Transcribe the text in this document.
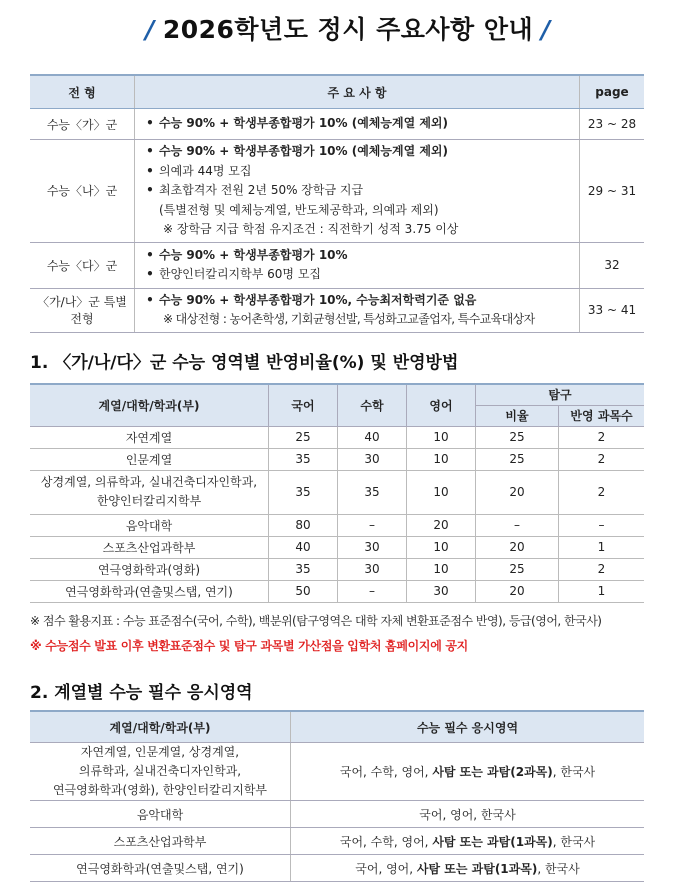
/ 2026학년도 정시 주요사항 안내 /
전 형	주 요 사 항	page
수능〈가〉군	• 수능 90% + 학생부종합평가 10% (예체능계열 제외)	23 ~ 28
수능〈나〉군	• 수능 90% + 학생부종합평가 10% (예체능계열 제외)
• 의예과 44명 모집
• 최초합격자 전원 2년 50% 장학금 지급
(특별전형 및 예체능계열, 반도체공학과, 의예과 제외)
※ 장학금 지급 학점 유지조건 : 직전학기 성적 3.75 이상	29 ~ 31
수능〈다〉군	• 수능 90% + 학생부종합평가 10%
• 한양인터칼리지학부 60명 모집	32
〈가/나〉군 특별전형	• 수능 90% + 학생부종합평가 10%, 수능최저학력기준 없음
※ 대상전형 : 농어촌학생, 기회균형선발, 특성화고교졸업자, 특수교육대상자	33 ~ 41
1. 〈가/나/다〉군 수능 영역별 반영비율(%) 및 반영방법
계열/대학/학과(부)	국어	수학	영어	탐구	
				비율	반영 과목수
자연계열	25	40	10	25	2
인문계열	35	30	10	25	2

상경계열, 의류학과, 실내건축디자인학과,
한양인터칼리지학부	35	35	10	20	2
음악대학	80	–	20	–	–
스포츠산업과학부	40	30	10	20	1
연극영화학과(영화)	35	30	10	25	2
연극영화학과(연출및스탭, 연기)	50	–	30	20	1
※ 점수 활용지표 : 수능 표준점수(국어, 수학), 백분위(탐구영역은 대학 자체 변환표준점수 반영), 등급(영어, 한국사)
※ 수능점수 발표 이후 변환표준점수 및 탐구 과목별 가산점을 입학처 홈페이지에 공지
2. 계열별 수능 필수 응시영역
계열/대학/학과(부)	수능 필수 응시영역

자연계열, 인문계열, 상경계열,
의류학과, 실내건축디자인학과,
연극영화학과(영화), 한양인터칼리지학부	국어, 수학, 영어, 사탐 또는 과탐(2과목), 한국사
음악대학	국어, 영어, 한국사
스포츠산업과학부	국어, 수학, 영어, 사탐 또는 과탐(1과목), 한국사
연극영화학과(연출및스탭, 연기)	국어, 영어, 사탐 또는 과탐(1과목), 한국사
